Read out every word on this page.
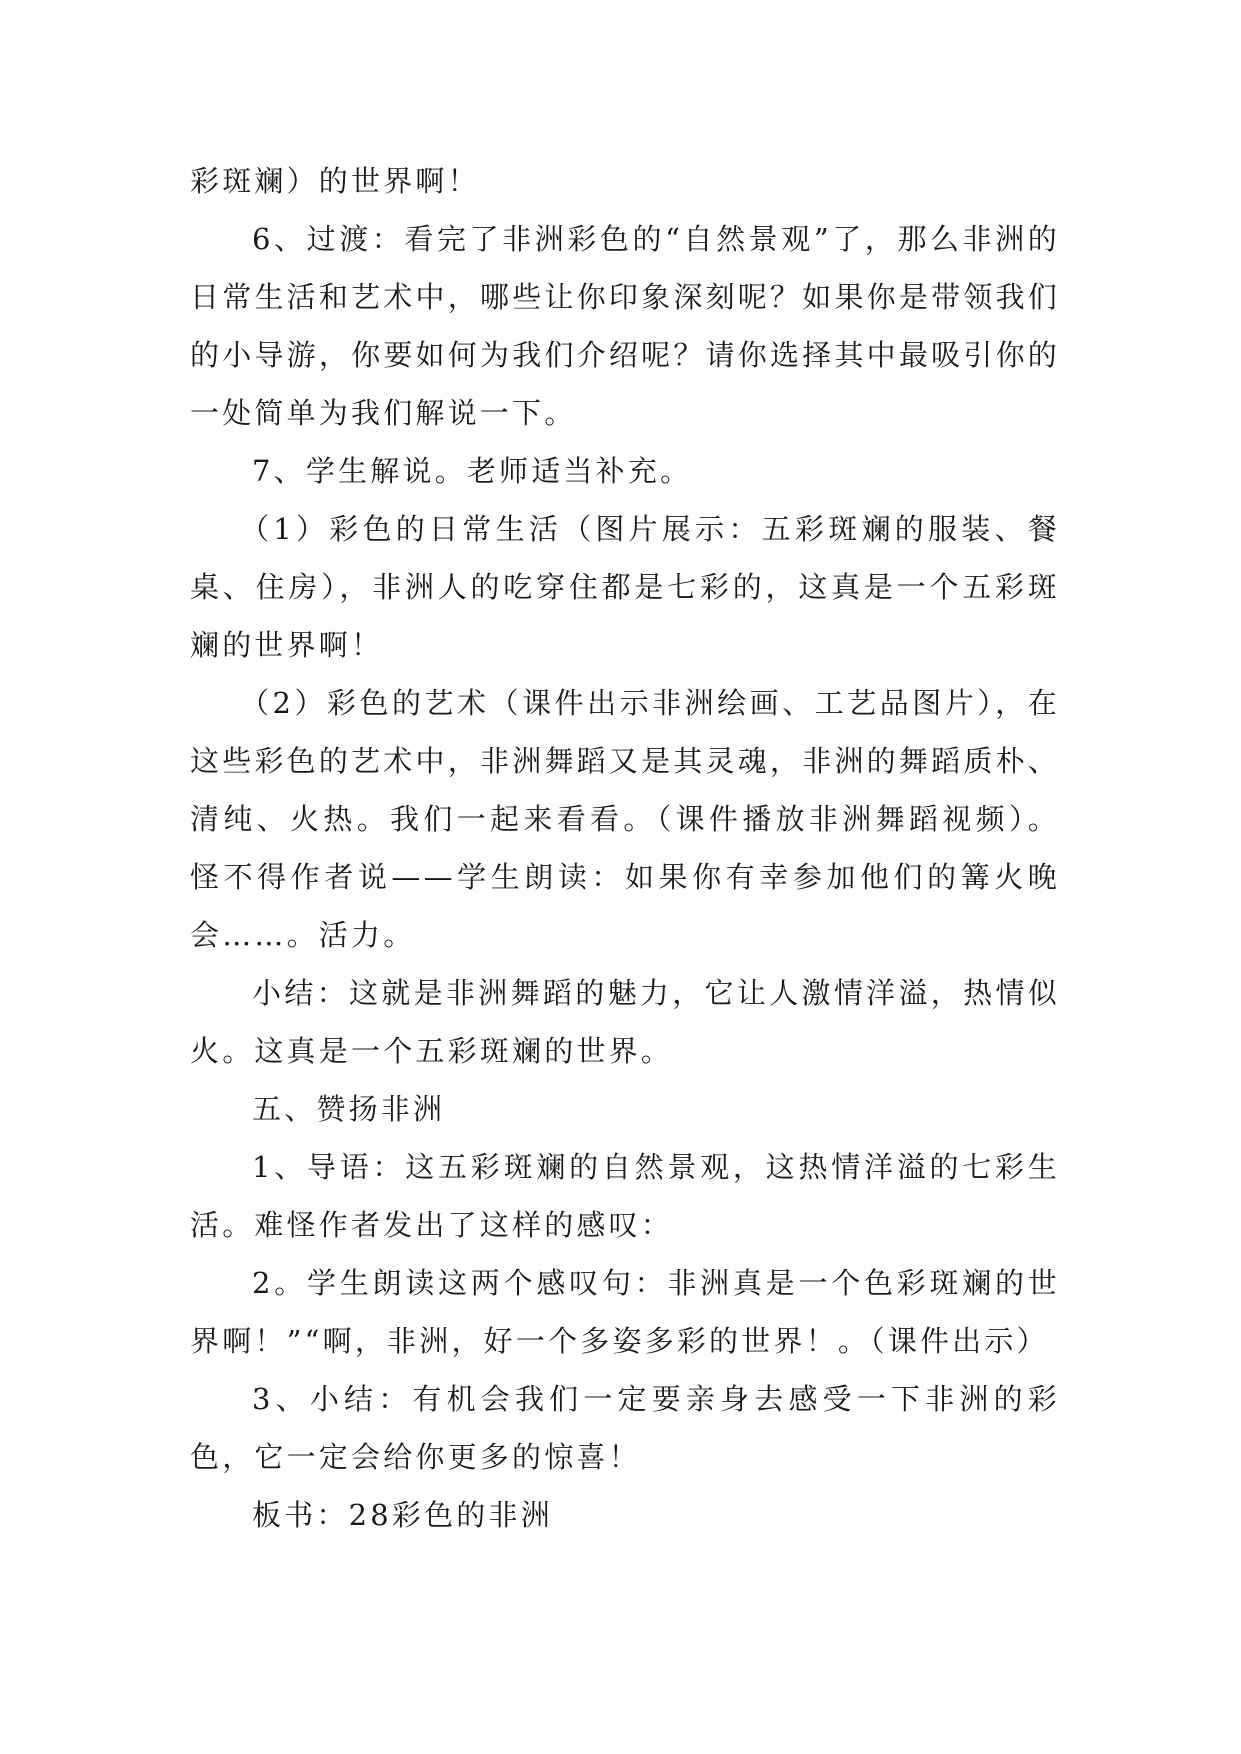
彩斑斓）的世界啊！

6、过渡：看完了非洲彩色的“自然景观”了，那么非洲的日常生活和艺术中，哪些让你印象深刻呢？如果你是带领我们的小导游，你要如何为我们介绍呢？请你选择其中最吸引你的一处简单为我们解说一下。

7、学生解说。老师适当补充。

（1）彩色的日常生活（图片展示：五彩斑斓的服装、餐桌、住房），非洲人的吃穿住都是七彩的，这真是一个五彩斑斓的世界啊！

（2）彩色的艺术（课件出示非洲绘画、工艺品图片），在这些彩色的艺术中，非洲舞蹈又是其灵魂，非洲的舞蹈质朴、清纯、火热。我们一起来看看。（课件播放非洲舞蹈视频）。怪不得作者说——学生朗读：如果你有幸参加他们的篝火晚会……。活力。

小结：这就是非洲舞蹈的魅力，它让人激情洋溢，热情似火。这真是一个五彩斑斓的世界。

五、赞扬非洲

1、导语：这五彩斑斓的自然景观，这热情洋溢的七彩生活。难怪作者发出了这样的感叹：

2。学生朗读这两个感叹句：非洲真是一个色彩斑斓的世界啊！”“啊，非洲，好一个多姿多彩的世界！。（课件出示）

3、小结：有机会我们一定要亲身去感受一下非洲的彩色，它一定会给你更多的惊喜！

板书：28彩色的非洲
